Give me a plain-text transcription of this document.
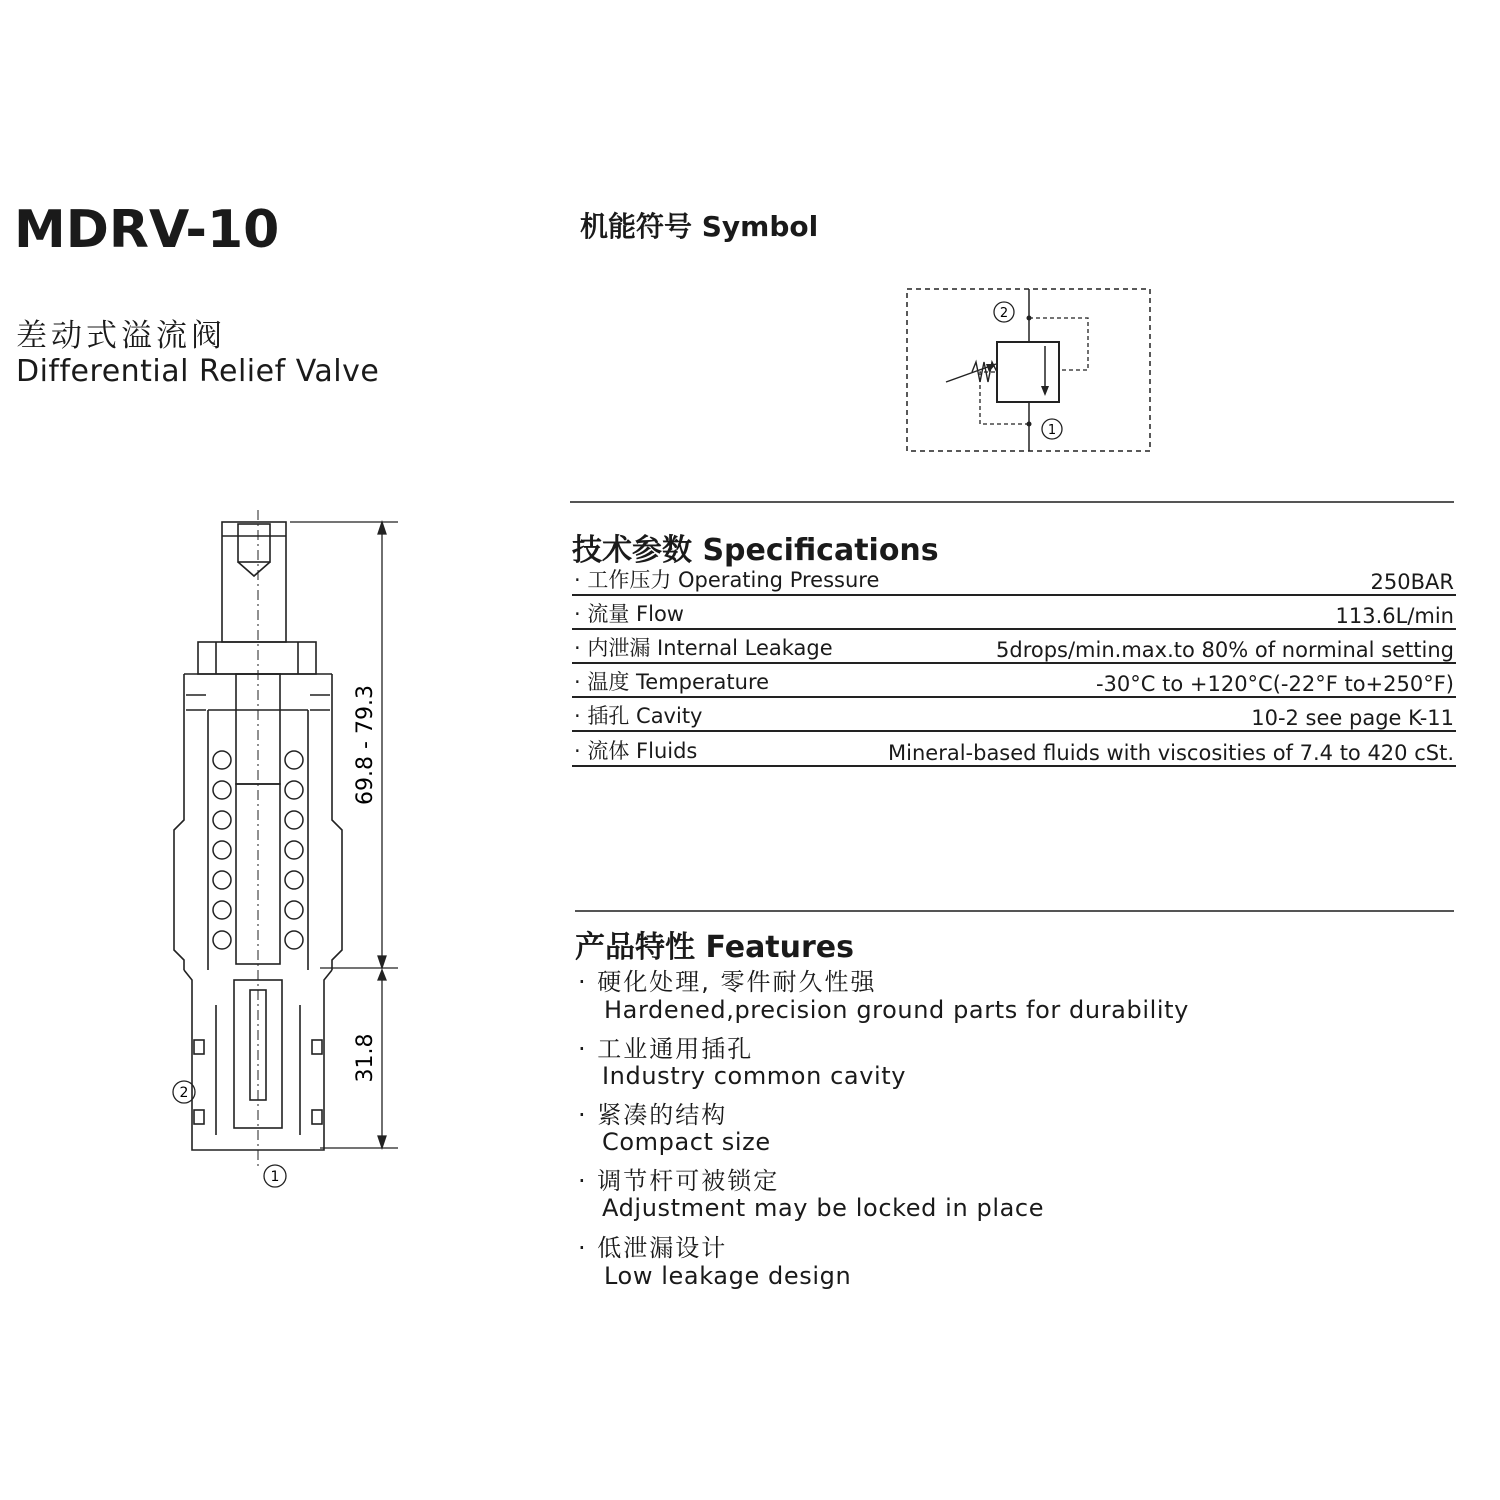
MDRV-10
差动式溢流阀
Differential Relief Valve
机能符号 Symbol
2
1
69.8 - 79.3
31.8
2
1
技术参数 Specifications
· 工作压力 Operating Pressure	250BAR
· 流量 Flow	113.6L/min
· 内泄漏 Internal Leakage	5drops/min.max.to 80% of norminal setting
· 温度 Temperature	-30°C to +120°C(-22°F to+250°F)
· 插孔 Cavity	10-2 see page K-11
· 流体 Fluids	Mineral-based fluids with viscosities of 7.4 to 420 cSt.
产品特性 Features
· 硬化处理, 零件耐久性强
Hardened,precision ground parts for durability
· 工业通用插孔
Industry common cavity
· 紧凑的结构
Compact size
· 调节杆可被锁定
Adjustment may be locked in place
· 低泄漏设计
Low leakage design
